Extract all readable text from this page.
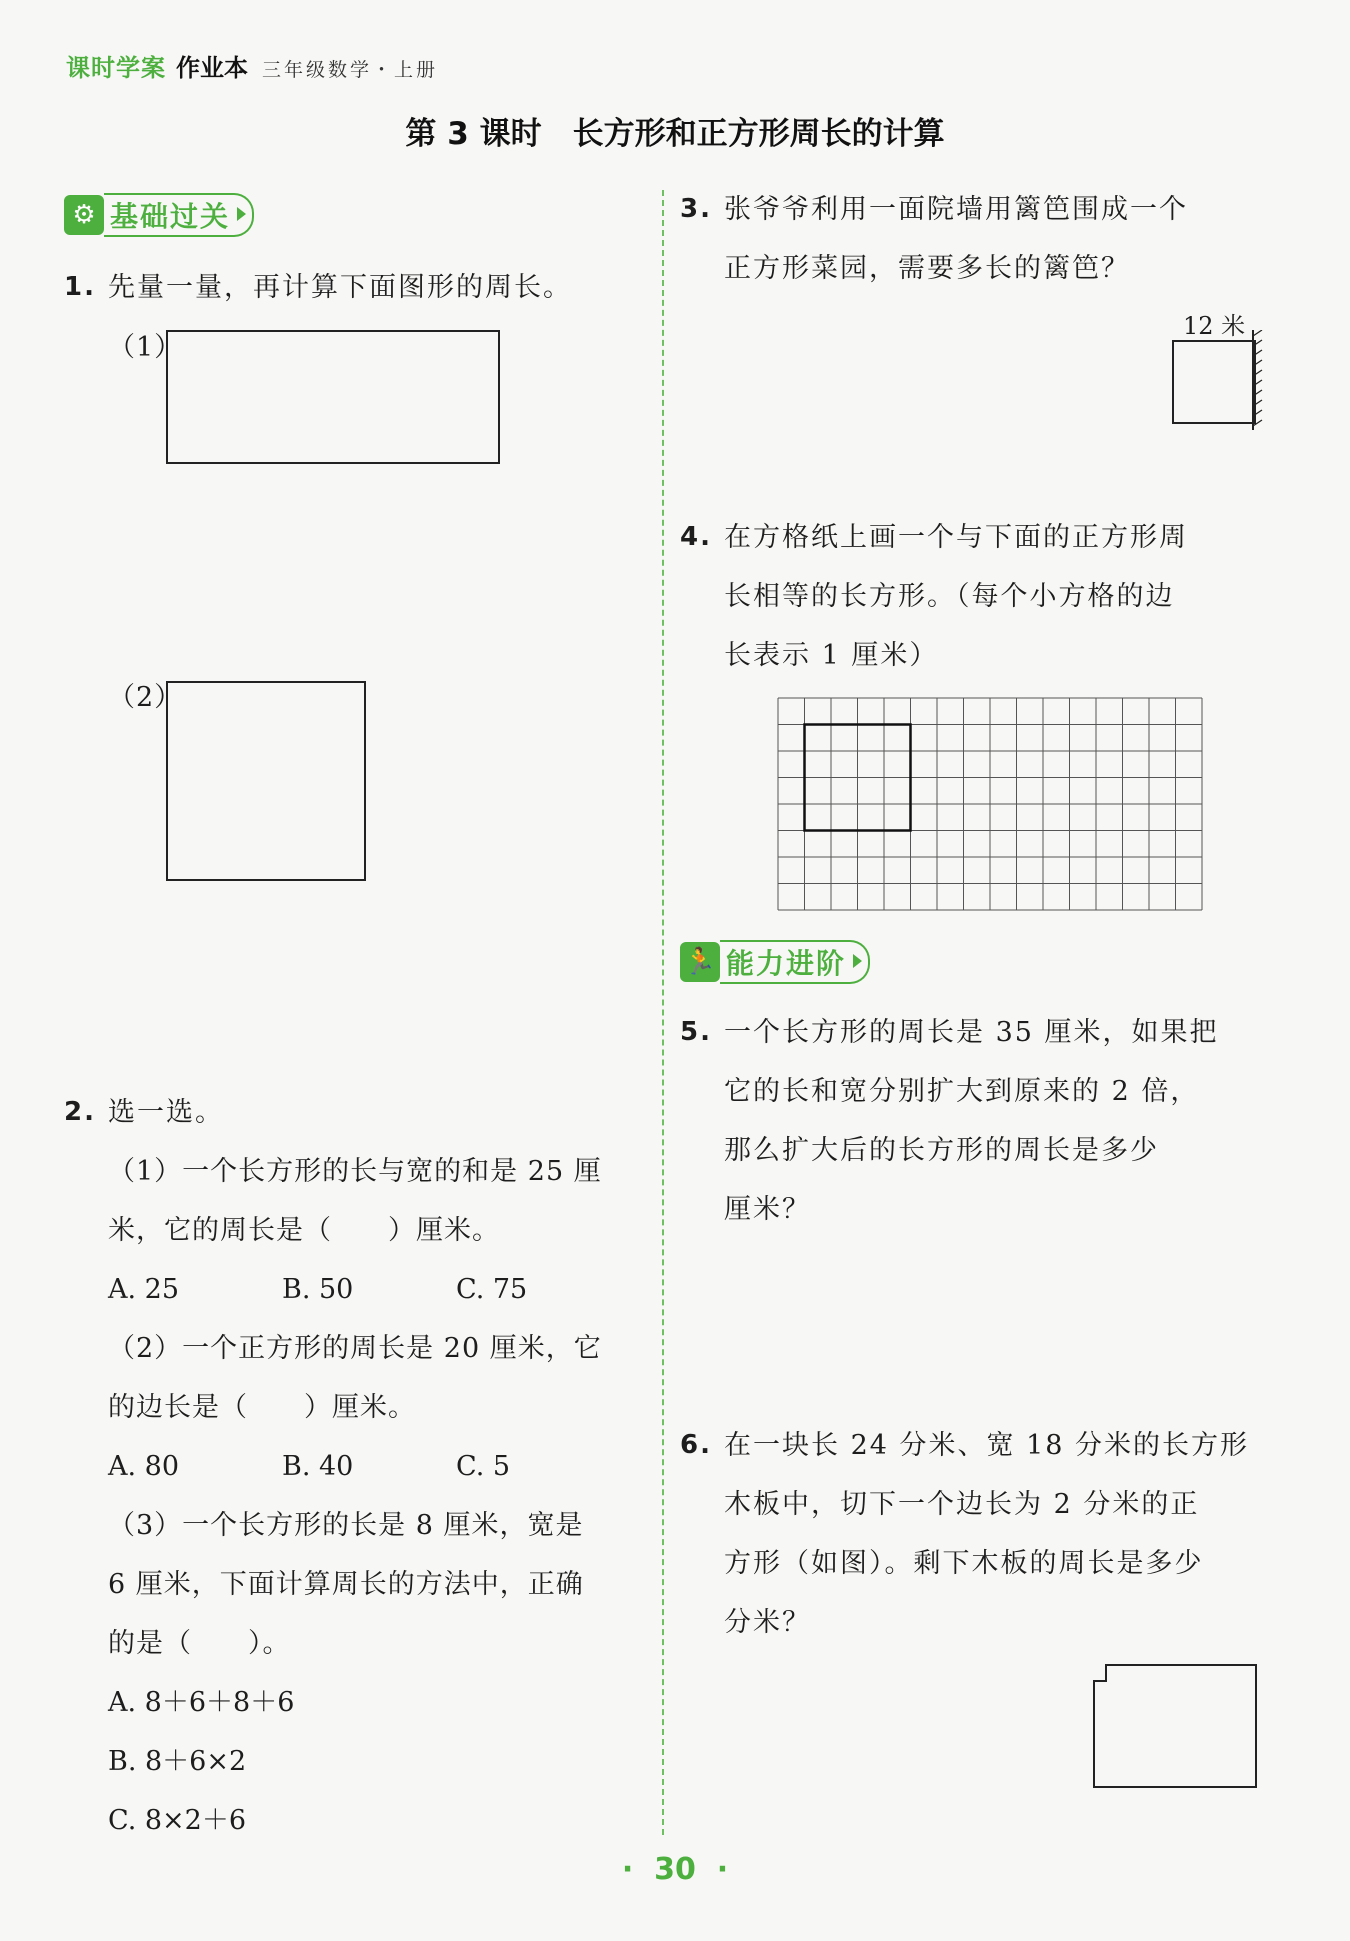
课时学案 作业本 三年级数学・上册
第 3 课时　长方形和正方形周长的计算
⚙ 基础过关
1. 先量一量，再计算下面图形的周长。
（1）
（2）
2. 选一选。
（1）一个长方形的长与宽的和是 25 厘
米，它的周长是（　　）厘米。
A. 25	B. 50	C. 75
（2）一个正方形的周长是 20 厘米，它
的边长是（　　）厘米。
A. 80	B. 40	C. 5
（3）一个长方形的长是 8 厘米，宽是
6 厘米，下面计算周长的方法中，正确
的是（　　）。
A. 8＋6＋8＋6
B. 8＋6×2
C. 8×2＋6
3. 张爷爷利用一面院墙用篱笆围成一个
正方形菜园，需要多长的篱笆？
12 米
4. 在方格纸上画一个与下面的正方形周
长相等的长方形。（每个小方格的边
长表示 1 厘米）
🏃 能力进阶
5. 一个长方形的周长是 35 厘米，如果把
它的长和宽分别扩大到原来的 2 倍，
那么扩大后的长方形的周长是多少
厘米？
6. 在一块长 24 分米、宽 18 分米的长方形
木板中，切下一个边长为 2 分米的正
方形（如图）。剩下木板的周长是多少
分米？
·  30  ·
